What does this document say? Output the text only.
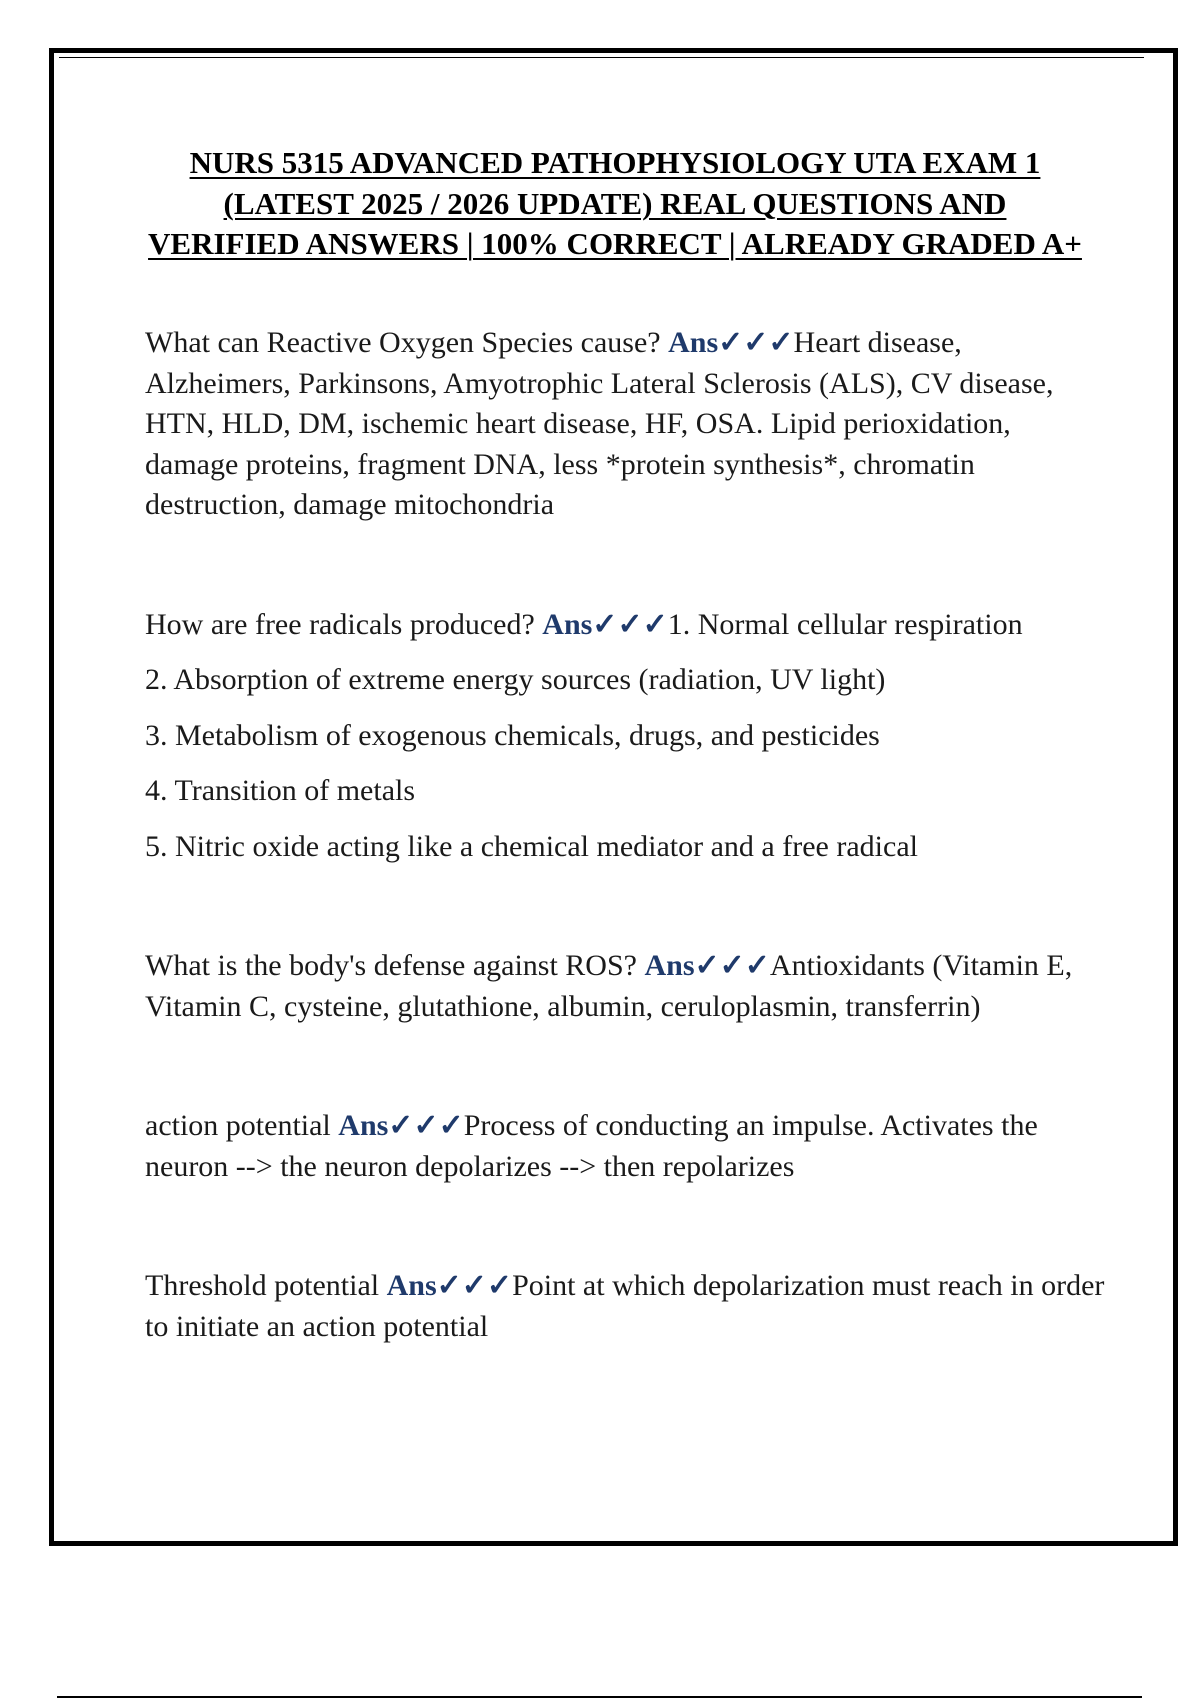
NURS 5315 ADVANCED PATHOPHYSIOLOGY UTA EXAM 1 (LATEST 2025 / 2026 UPDATE) REAL QUESTIONS AND VERIFIED ANSWERS | 100% CORRECT | ALREADY GRADED A+

What can Reactive Oxygen Species cause? Ans✓✓✓Heart disease, Alzheimers, Parkinsons, Amyotrophic Lateral Sclerosis (ALS), CV disease, HTN, HLD, DM, ischemic heart disease, HF, OSA. Lipid perioxidation, damage proteins, fragment DNA, less *protein synthesis*, chromatin destruction, damage mitochondria

How are free radicals produced? Ans✓✓✓1. Normal cellular respiration

2. Absorption of extreme energy sources (radiation, UV light)

3. Metabolism of exogenous chemicals, drugs, and pesticides

4. Transition of metals

5. Nitric oxide acting like a chemical mediator and a free radical

What is the body's defense against ROS? Ans✓✓✓Antioxidants (Vitamin E, Vitamin C, cysteine, glutathione, albumin, ceruloplasmin, transferrin)

action potential Ans✓✓✓Process of conducting an impulse. Activates the neuron --> the neuron depolarizes --> then repolarizes

Threshold potential Ans✓✓✓Point at which depolarization must reach in order to initiate an action potential
